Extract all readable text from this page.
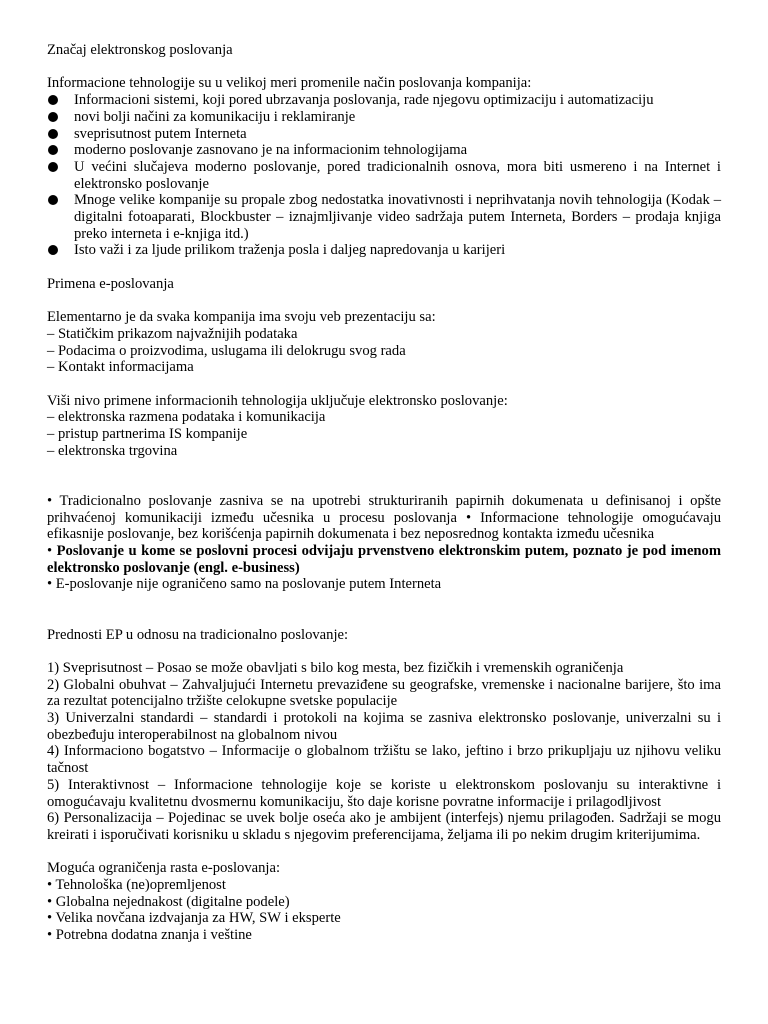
Značaj elektronskog poslovanja

Informacione tehnologije su u velikoj meri promenile način poslovanja kompanija:

Informacioni sistemi, koji pored ubrzavanja poslovanja, rade njegovu optimizaciju i automatizaciju
novi bolji načini za komunikaciju i reklamiranje
sveprisutnost putem Interneta
moderno poslovanje zasnovano je na informacionim tehnologijama
U većini slučajeva moderno poslovanje, pored tradicionalnih osnova, mora biti usmereno i na Internet i elektronsko poslovanje
Mnoge velike kompanije su propale zbog nedostatka inovativnosti i neprihvatanja novih tehnologija (Kodak – digitalni fotoaparati, Blockbuster – iznajmljivanje video sadržaja putem Interneta, Borders – prodaja knjiga preko interneta i e-knjiga itd.)
Isto važi i za ljude prilikom traženja posla i daljeg napredovanja u karijeri

Primena e-poslovanja

Elementarno je da svaka kompanija ima svoju veb prezentaciju sa:

– Statičkim prikazom najvažnijih podataka

– Podacima o proizvodima, uslugama ili delokrugu svog rada

– Kontakt informacijama

Viši nivo primene informacionih tehnologija uključuje elektronsko poslovanje:

– elektronska razmena podataka i komunikacija

– pristup partnerima IS kompanije

– elektronska trgovina

• Tradicionalno poslovanje zasniva se na upotrebi strukturiranih papirnih dokumenata u definisanoj i opšte prihvaćenoj komunikaciji između učesnika u procesu poslovanja • Informacione tehnologije omogućavaju efikasnije poslovanje, bez korišćenja papirnih dokumenata i bez neposrednog kontakta između učesnika

• Poslovanje u kome se poslovni procesi odvijaju prvenstveno elektronskim putem, poznato je pod imenom elektronsko poslovanje (engl. e-business)

• E-poslovanje nije ograničeno samo na poslovanje putem Interneta

Prednosti EP u odnosu na tradicionalno poslovanje:

1) Sveprisutnost – Posao se može obavljati s bilo kog mesta, bez fizičkih i vremenskih ograničenja

2) Globalni obuhvat – Zahvaljujući Internetu prevaziđene su geografske, vremenske i nacionalne barijere, što ima za rezultat potencijalno tržište celokupne svetske populacije

3) Univerzalni standardi – standardi i protokoli na kojima se zasniva elektronsko poslovanje, univerzalni su i obezbeđuju interoperabilnost na globalnom nivou

4) Informaciono bogatstvo – Informacije o globalnom tržištu se lako, jeftino i brzo prikupljaju uz njihovu veliku tačnost

5) Interaktivnost – Informacione tehnologije koje se koriste u elektronskom poslovanju su interaktivne i omogućavaju kvalitetnu dvosmernu komunikaciju, što daje korisne povratne informacije i prilagodljivost

6) Personalizacija – Pojedinac se uvek bolje oseća ako je ambijent (interfejs) njemu prilagođen. Sadržaji se mogu kreirati i isporučivati korisniku u skladu s njegovim preferencijama, željama ili po nekim drugim kriterijumima.

Moguća ograničenja rasta e-poslovanja:

• Tehnološka (ne)opremljenost

• Globalna nejednakost (digitalne podele)

• Velika novčana izdvajanja za HW, SW i eksperte

• Potrebna dodatna znanja i veštine
